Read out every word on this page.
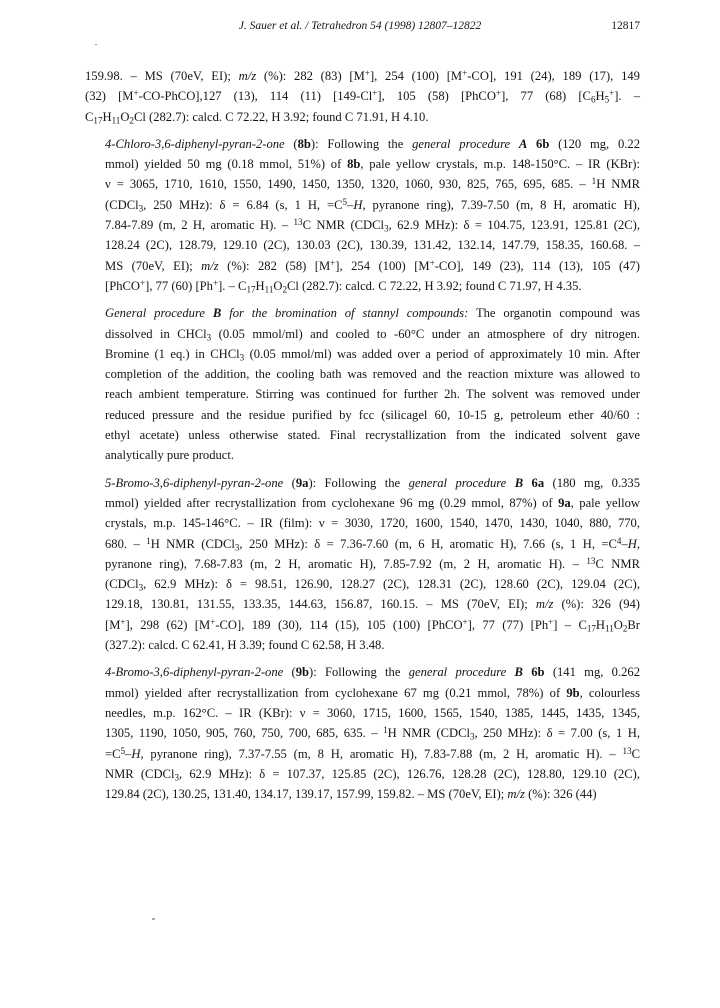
J. Sauer et al. / Tetrahedron 54 (1998) 12807–12822	12817

159.98. – MS (70eV, EI); m/z (%): 282 (83) [M+], 254 (100) [M+-CO], 191 (24), 189 (17), 149
(32) [M+-CO-PhCO],127 (13), 114 (11) [149-Cl+], 105 (58) [PhCO+], 77 (68) $[C_6H_5^+]$. –
$C_{17}H_{11}O_2Cl$ (282.7): calcd. C 72.22, H 3.92; found C 71.91, H 4.10.

4-Chloro-3,6-diphenyl-pyran-2-one (8b): Following the general procedure A 6b (120 mg, 0.22
mmol) yielded 50 mg (0.18 mmol, 51%) of 8b, pale yellow crystals, m.p. 148-150°C. – IR (KBr):
ν = 3065, 1710, 1610, 1550, 1490, 1450, 1350, 1320, 1060, 930, 825, 765, 695, 685. – $^1$H NMR
(CDCl$_3$, 250 MHz): δ = 6.84 (s, 1 H, $=C^5-H$, pyranone ring), 7.39-7.50 (m, 8 H, aromatic H),
7.84-7.89 (m, 2 H, aromatic H). – $^{13}$C NMR (CDCl$_3$, 62.9 MHz): δ = 104.75, 123.91, 125.81 (2C),
128.24 (2C), 128.79, 129.10 (2C), 130.03 (2C), 130.39, 131.42, 132.14, 147.79, 158.35, 160.68. –
MS (70eV, EI); m/z (%): 282 (58) [M+], 254 (100) [M+-CO], 149 (23), 114 (13), 105 (47)
[PhCO+], 77 (60) [Ph+]. – $C_{17}H_{11}O_2Cl$ (282.7): calcd. C 72.22, H 3.92; found C 71.97, H 4.35.

General procedure B for the bromination of stannyl compounds: The organotin compound was
dissolved in CHCl$_3$ (0.05 mmol/ml) and cooled to -60°C under an atmosphere of dry nitrogen.
Bromine (1 eq.) in CHCl$_3$ (0.05 mmol/ml) was added over a period of approximately 10 min. After
completion of the addition, the cooling bath was removed and the reaction mixture was allowed to
reach ambient temperature. Stirring was continued for further 2h. The solvent was removed under
reduced pressure and the residue purified by fcc (silicagel 60, 10-15 g, petroleum ether 40/60 :
ethyl acetate) unless otherwise stated. Final recrystallization from the indicated solvent gave
analytically pure product.

5-Bromo-3,6-diphenyl-pyran-2-one (9a): Following the general procedure B 6a (180 mg, 0.335
mmol) yielded after recrystallization from cyclohexane 96 mg (0.29 mmol, 87%) of 9a, pale yellow
crystals, m.p. 145-146°C. – IR (film): ν = 3030, 1720, 1600, 1540, 1470, 1430, 1040, 880, 770,
680. – $^1$H NMR (CDCl$_3$, 250 MHz): δ = 7.36-7.60 (m, 6 H, aromatic H), 7.66 (s, 1 H, $=C^4-H$,
pyranone ring), 7.68-7.83 (m, 2 H, aromatic H), 7.85-7.92 (m, 2 H, aromatic H). – $^{13}$C NMR
(CDCl$_3$, 62.9 MHz): δ = 98.51, 126.90, 128.27 (2C), 128.31 (2C), 128.60 (2C), 129.04 (2C),
129.18, 130.81, 131.55, 133.35, 144.63, 156.87, 160.15. – MS (70eV, EI); m/z (%): 326 (94)
[M+], 298 (62) [M+-CO], 189 (30), 114 (15), 105 (100) [PhCO+], 77 (77) $[Ph^+] - C_{17}H_{11}O_2Br$
(327.2): calcd. C 62.41, H 3.39; found C 62.58, H 3.48.

4-Bromo-3,6-diphenyl-pyran-2-one (9b): Following the general procedure B 6b (141 mg, 0.262
mmol) yielded after recrystallization from cyclohexane 67 mg (0.21 mmol, 78%) of 9b, colourless
needles, m.p. 162°C. – IR (KBr): ν = 3060, 1715, 1600, 1565, 1540, 1385, 1445, 1435, 1345,
1305, 1190, 1050, 905, 760, 750, 700, 685, 635. – $^1$H NMR (CDCl$_3$, 250 MHz): δ = 7.00 (s, 1 H,
$=C^5-H$, pyranone ring), 7.37-7.55 (m, 8 H, aromatic H), 7.83-7.88 (m, 2 H, aromatic H). – $^{13}$C
NMR (CDCl$_3$, 62.9 MHz): δ = 107.37, 125.85 (2C), 126.76, 128.28 (2C), 128.80, 129.10 (2C),
129.84 (2C), 130.25, 131.40, 134.17, 139.17, 157.99, 159.82. – MS (70eV, EI); m/z (%): 326 (44)
